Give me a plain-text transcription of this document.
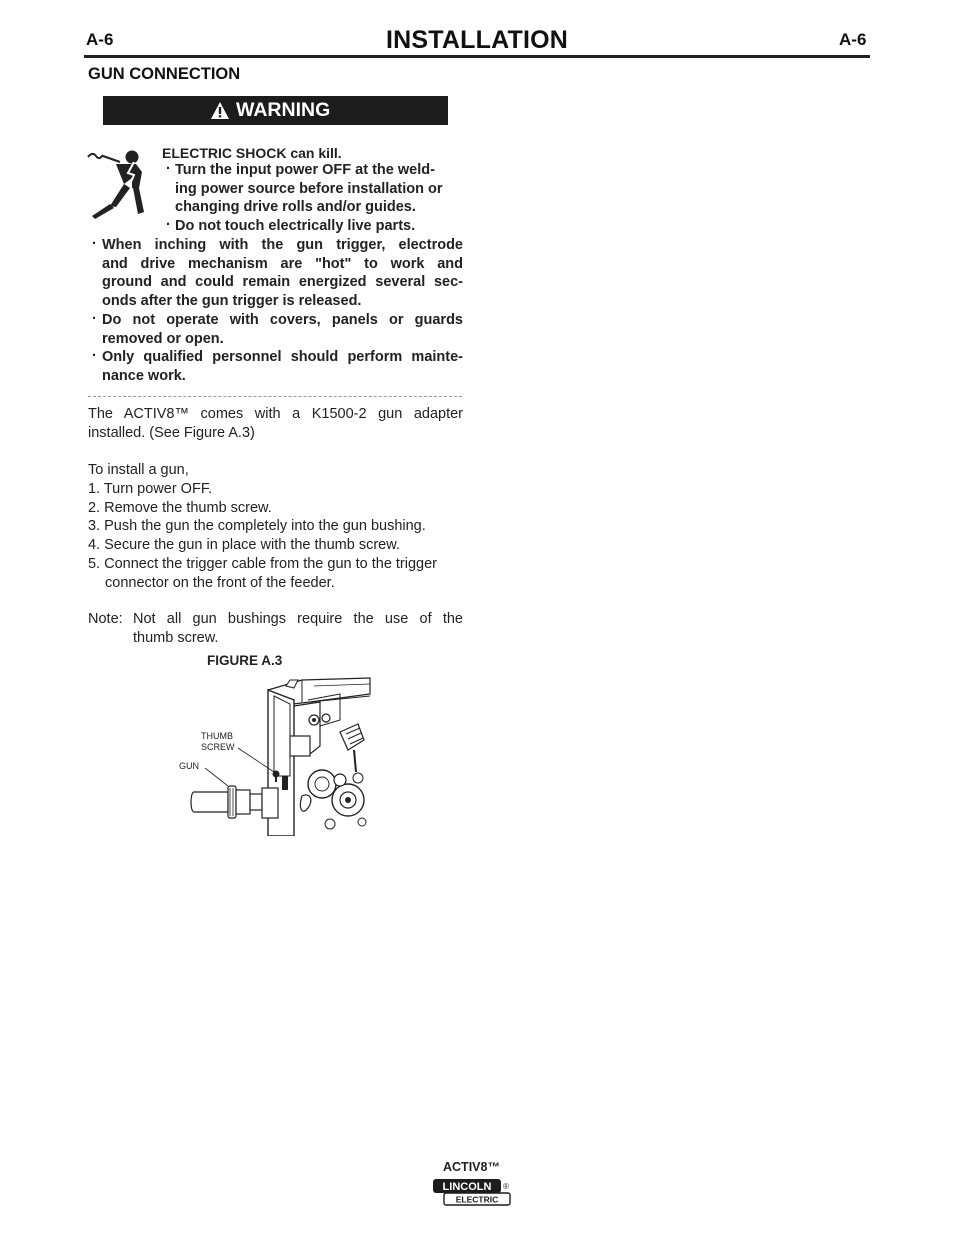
A-6	INSTALLATION	A-6
GUN CONNECTION
WARNING
ELECTRIC SHOCK can kill.
· Turn the input power OFF at the weld-
ing power source before installation or
changing drive rolls and/or guides.
· Do not touch electrically live parts.
· When inching with the gun trigger, electrode
and drive mechanism are "hot" to work and
ground and could remain energized several sec-
onds after the gun trigger is released.
· Do not operate with covers, panels or guards
removed or open.
· Only qualified personnel should perform mainte-
nance work.
The ACTIV8™ comes with a K1500-2 gun adapter
installed. (See Figure A.3)
To install a gun,
1. Turn power OFF.
2. Remove the thumb screw.
3. Push the gun the completely into the gun bushing.
4. Secure the gun in place with the thumb screw.
5. Connect the trigger cable from the gun to the trigger
connector on the front of the feeder.
Note: Not all gun bushings require the use of the
thumb screw.
FIGURE A.3
THUMB
SCREW
GUN
ACTIV8™
LINCOLN
ELECTRIC
®
